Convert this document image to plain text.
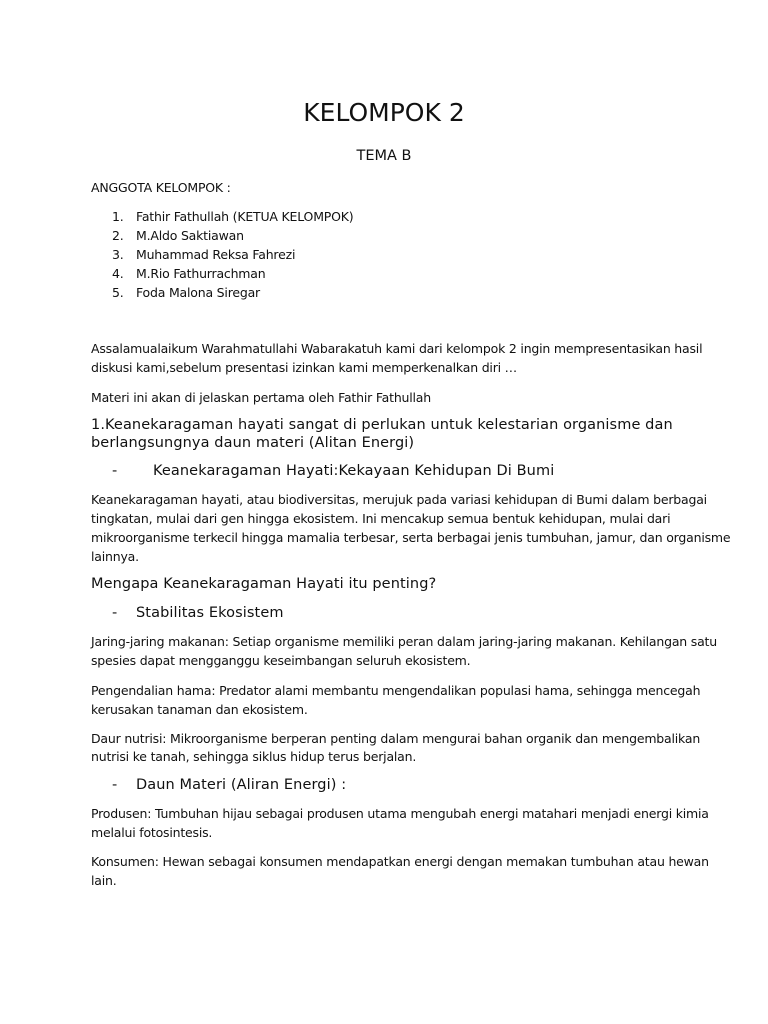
KELOMPOK 2
TEMA B
ANGGOTA KELOMPOK :
1. Fathir Fathullah (KETUA KELOMPOK)
2. M.Aldo Saktiawan
3. Muhammad Reksa Fahrezi
4. M.Rio Fathurrachman
5. Foda Malona Siregar
Assalamualaikum Warahmatullahi Wabarakatuh kami dari kelompok 2 ingin mempresentasikan hasil
diskusi kami,sebelum presentasi izinkan kami memperkenalkan diri …
Materi ini akan di jelaskan pertama oleh Fathir Fathullah
1.Keanekaragaman hayati sangat di perlukan untuk kelestarian organisme dan
berlangsungnya daun materi (Alitan Energi)
- Keanekaragaman Hayati:Kekayaan Kehidupan Di Bumi
Keanekaragaman hayati, atau biodiversitas, merujuk pada variasi kehidupan di Bumi dalam berbagai
tingkatan, mulai dari gen hingga ekosistem. Ini mencakup semua bentuk kehidupan, mulai dari
mikroorganisme terkecil hingga mamalia terbesar, serta berbagai jenis tumbuhan, jamur, dan organisme
lainnya.
Mengapa Keanekaragaman Hayati itu penting?
- Stabilitas Ekosistem
Jaring-jaring makanan: Setiap organisme memiliki peran dalam jaring-jaring makanan. Kehilangan satu
spesies dapat mengganggu keseimbangan seluruh ekosistem.
Pengendalian hama: Predator alami membantu mengendalikan populasi hama, sehingga mencegah
kerusakan tanaman dan ekosistem.
Daur nutrisi: Mikroorganisme berperan penting dalam mengurai bahan organik dan mengembalikan
nutrisi ke tanah, sehingga siklus hidup terus berjalan.
- Daun Materi (Aliran Energi) :
Produsen: Tumbuhan hijau sebagai produsen utama mengubah energi matahari menjadi energi kimia
melalui fotosintesis.
Konsumen: Hewan sebagai konsumen mendapatkan energi dengan memakan tumbuhan atau hewan
lain.
